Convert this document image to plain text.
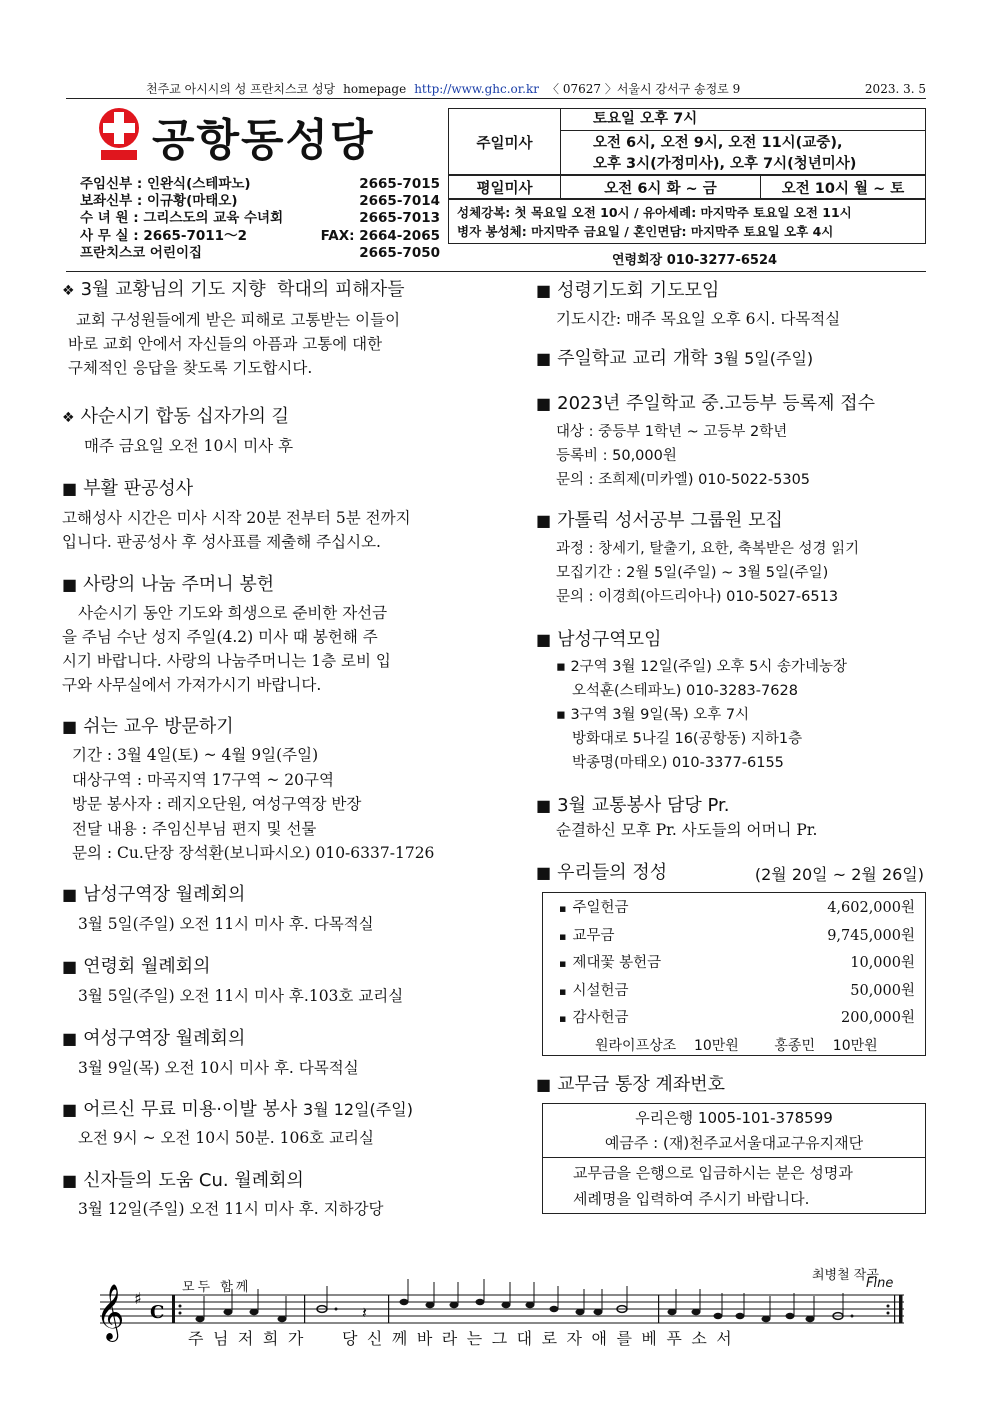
천주교 아시시의 성 프란치스코 성당 homepage http://www.ghc.or.kr 〈 07627 〉서울시 강서구 송정로 9	2023. 3. 5
공항동성당
주임신부 : 인완식(스테파노)	2665-7015
보좌신부 : 이규황(마태오)	2665-7014
수 녀 원 : 그리스도의 교육 수녀회	2665-7013
사 무 실 : 2665-7011～2	FAX: 2664-2065
프란치스코 어린이집	2665-7050
주일미사
토요일 오후 7시
오전 6시, 오전 9시, 오전 11시(교중),
오후 3시(가정미사), 오후 7시(청년미사)
평일미사	오전 6시 화 ~ 금	오전 10시 월 ~ 토
성체강복: 첫 목요일 오전 10시 / 유아세례: 마지막주 토요일 오전 11시
병자 봉성체: 마지막주 금요일 / 혼인면담: 마지막주 토요일 오후 4시
연령회장 010-3277-6524
❖ 3월 교황님의 기도 지향 학대의 피해자들
교회 구성원들에게 받은 피해로 고통받는 이들이
바로 교회 안에서 자신들의 아픔과 고통에 대한
구체적인 응답을 찾도록 기도합시다.
❖ 사순시기 합동 십자가의 길
매주 금요일 오전 10시 미사 후
■ 부활 판공성사
고해성사 시간은 미사 시작 20분 전부터 5분 전까지
입니다. 판공성사 후 성사표를 제출해 주십시오.
■ 사랑의 나눔 주머니 봉헌
사순시기 동안 기도와 희생으로 준비한 자선금
을 주님 수난 성지 주일(4.2) 미사 때 봉헌해 주
시기 바랍니다. 사랑의 나눔주머니는 1층 로비 입
구와 사무실에서 가져가시기 바랍니다.
■ 쉬는 교우 방문하기
기간 : 3월 4일(토) ~ 4월 9일(주일)
대상구역 : 마곡지역 17구역 ~ 20구역
방문 봉사자 : 레지오단원, 여성구역장 반장
전달 내용 : 주임신부님 편지 및 선물
문의 : Cu.단장 장석환(보니파시오) 010-6337-1726
■ 남성구역장 월례회의
3월 5일(주일) 오전 11시 미사 후. 다목적실
■ 연령회 월례회의
3월 5일(주일) 오전 11시 미사 후.103호 교리실
■ 여성구역장 월례회의
3월 9일(목) 오전 10시 미사 후. 다목적실
■ 어르신 무료 미용·이발 봉사 3월 12일(주일)
오전 9시 ~ 오전 10시 50분. 106호 교리실
■ 신자들의 도움 Cu. 월례회의
3월 12일(주일) 오전 11시 미사 후. 지하강당
■ 성령기도회 기도모임
기도시간: 매주 목요일 오후 6시. 다목적실
■ 주일학교 교리 개학 3월 5일(주일)
■ 2023년 주일학교 중.고등부 등록제 접수
대상 : 중등부 1학년 ~ 고등부 2학년
등록비 : 50,000원
문의 : 조희제(미카엘) 010-5022-5305
■ 가톨릭 성서공부 그룹원 모집
과정 : 창세기, 탈출기, 요한, 축복받은 성경 읽기
모집기간 : 2월 5일(주일) ~ 3월 5일(주일)
문의 : 이경희(아드리아나) 010-5027-6513
■ 남성구역모임
▪ 2구역 3월 12일(주일) 오후 5시 송가네농장
오석훈(스테파노) 010-3283-7628
▪ 3구역 3월 9일(목) 오후 7시
방화대로 5나길 16(공항동) 지하1층
박종명(마태오) 010-3377-6155
■ 3월 교통봉사 담당 Pr.
순결하신 모후 Pr. 사도들의 어머니 Pr.
■ 우리들의 정성	(2월 20일 ~ 2월 26일)
▪ 주일헌금	4,602,000원
▪ 교무금	9,745,000원
▪ 제대꽃 봉헌금	10,000원
▪ 시설헌금	50,000원
▪ 감사헌금	200,000원
원라이프상조    10만원        홍종민    10만원
■ 교무금 통장 계좌번호
우리은행 1005-101-378599
예금주 : (재)천주교서울대교구유지재단
교무금을 은행으로 입금하시는 분은 성명과
세례명을 입력하여 주시기 바랍니다.
최병철 작곡
모두 함께	Fine
𝄞 ♯
C	𝄽
주님저희가  당신께바라는그대로자애를베푸소서
